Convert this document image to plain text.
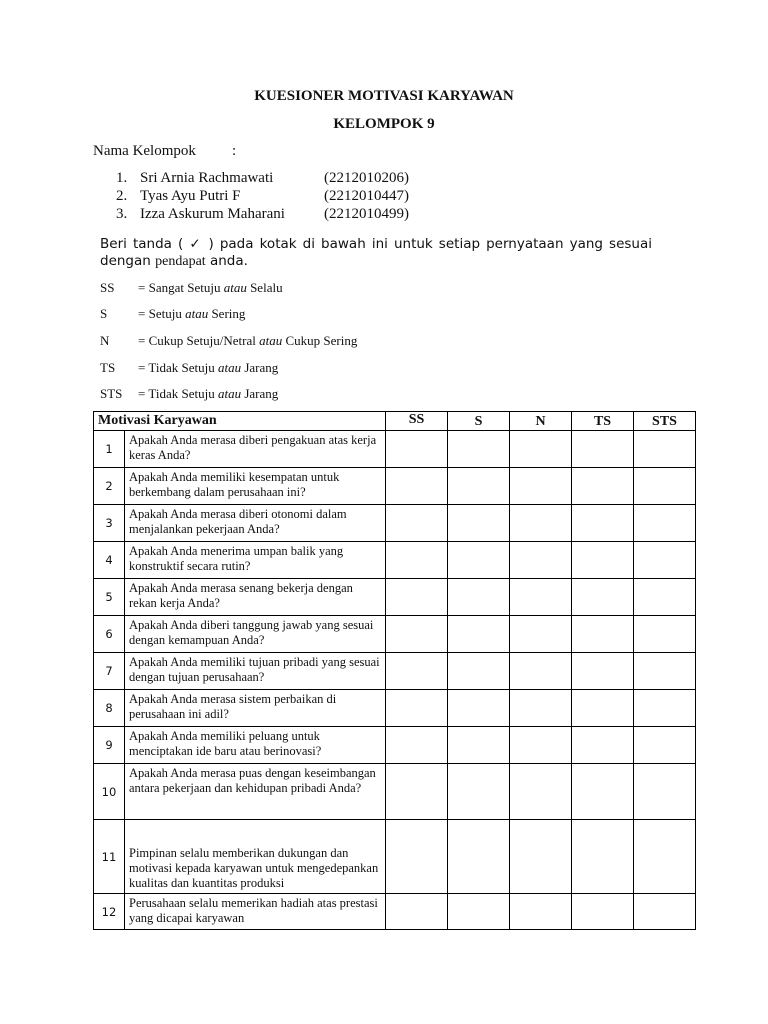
KUESIONER MOTIVASI KARYAWAN
KELOMPOK 9
Nama Kelompok :
1. Sri Arnia Rachmawati	(2212010206)
2. Tyas Ayu Putri F	(2212010447)
3. Izza Askurum Maharani	(2212010499)
Beri tanda ( ✓ ) pada kotak di bawah ini untuk setiap pernyataan yang sesuai dengan pendapat anda.
SS = Sangat Setuju atau Selalu
S = Setuju atau Sering
N = Cukup Setuju/Netral atau Cukup Sering
TS = Tidak Setuju atau Jarang
STS = Tidak Setuju atau Jarang
Motivasi Karyawan		SS	S	N	TS	STS
1	Apakah Anda merasa diberi pengakuan atas kerja keras Anda?					
2	Apakah Anda memiliki kesempatan untuk berkembang dalam perusahaan ini?					
3	Apakah Anda merasa diberi otonomi dalam menjalankan pekerjaan Anda?					
4	Apakah Anda menerima umpan balik yang konstruktif secara rutin?					
5	Apakah Anda merasa senang bekerja dengan rekan kerja Anda?					
6	Apakah Anda diberi tanggung jawab yang sesuai dengan kemampuan Anda?					
7	Apakah Anda memiliki tujuan pribadi yang sesuai dengan tujuan perusahaan?					
8	Apakah Anda merasa sistem perbaikan di perusahaan ini adil?					
9	Apakah Anda memiliki peluang untuk menciptakan ide baru atau berinovasi?					
10	Apakah Anda merasa puas dengan keseimbangan antara pekerjaan dan kehidupan pribadi Anda?					
11	Pimpinan selalu memberikan dukungan dan motivasi kepada karyawan untuk mengedepankan kualitas dan kuantitas produksi					
12	Perusahaan selalu memerikan hadiah atas prestasi yang dicapai karyawan					
